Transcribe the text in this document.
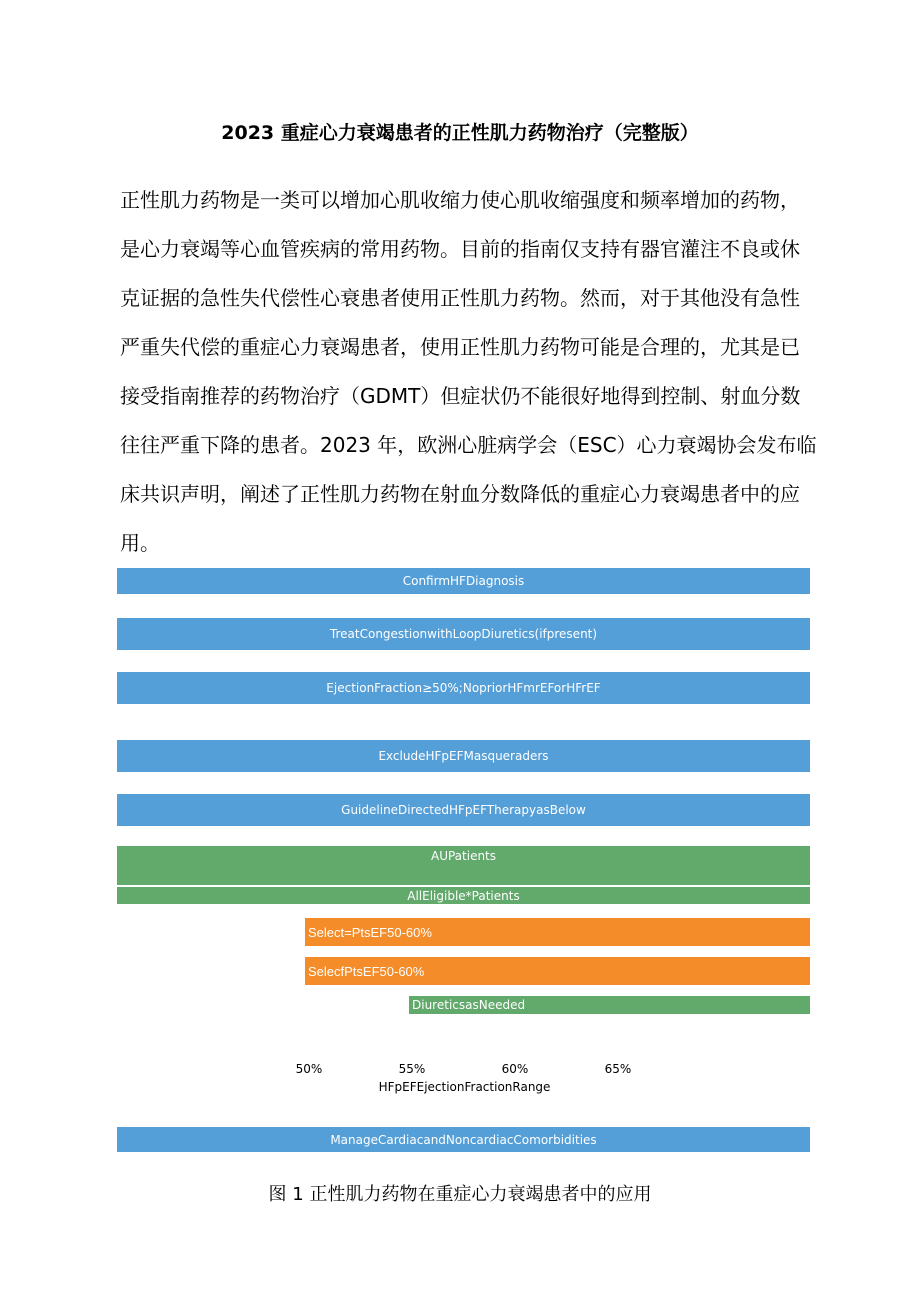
2023 重症心力衰竭患者的正性肌力药物治疗（完整版）

正性肌力药物是一类可以增加心肌收缩力使心肌收缩强度和频率增加的药物，
是心力衰竭等心血管疾病的常用药物。目前的指南仅支持有器官灌注不良或休
克证据的急性失代偿性心衰患者使用正性肌力药物。然而，对于其他没有急性
严重失代偿的重症心力衰竭患者，使用正性肌力药物可能是合理的，尤其是已
接受指南推荐的药物治疗（GDMT）但症状仍不能很好地得到控制、射血分数
往往严重下降的患者。2023 年，欧洲心脏病学会（ESC）心力衰竭协会发布临
床共识声明，阐述了正性肌力药物在射血分数降低的重症心力衰竭患者中的应
用。

ConfirmHFDiagnosis
TreatCongestionwithLoopDiuretics(ifpresent)
EjectionFraction≥50%;NopriorHFmrEForHFrEF
ExcludeHFpEFMasqueraders
GuidelineDirectedHFpEFTherapyasBelow
AUPatients
AllEligible*Patients
Select=PtsEF50-60%
SelecfPtsEF50-60%
DiureticsasNeeded
50%	55%	60%	65%
HFpEFEjectionFractionRange
ManageCardiacandNoncardiacComorbidities
图 1 正性肌力药物在重症心力衰竭患者中的应用
